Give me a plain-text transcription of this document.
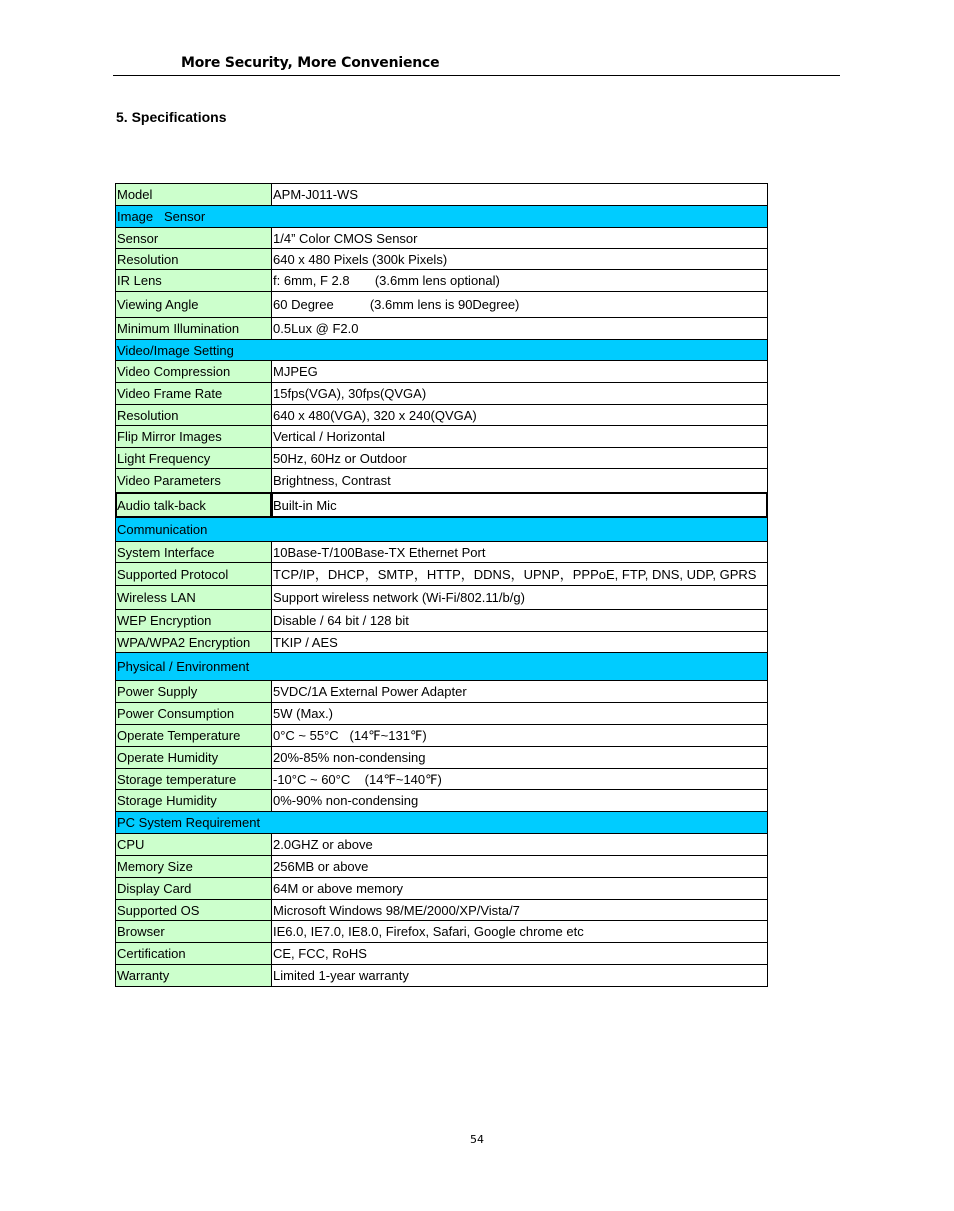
More Security, More Convenience
5. Specifications
Model	APM-J011-WS
Image   Sensor	
Sensor	1/4” Color CMOS Sensor
Resolution	640 x 480 Pixels (300k Pixels)
IR Lens	f: 6mm, F 2.8       (3.6mm lens optional)
Viewing Angle	60 Degree          (3.6mm lens is 90Degree)
Minimum Illumination	0.5Lux @ F2.0
Video/Image Setting	
Video Compression	MJPEG
Video Frame Rate	15fps(VGA), 30fps(QVGA)
Resolution	640 x 480(VGA), 320 x 240(QVGA)
Flip Mirror Images	Vertical / Horizontal
Light Frequency	50Hz, 60Hz or Outdoor
Video Parameters	Brightness, Contrast
Audio talk-back	Built-in Mic
Communication	
System Interface	10Base-T/100Base-TX Ethernet Port
Supported Protocol	TCP/IP，DHCP，SMTP，HTTP，DDNS，UPNP，PPPoE, FTP, DNS, UDP, GPRS
Wireless LAN	Support wireless network (Wi-Fi/802.11/b/g)
WEP Encryption	Disable / 64 bit / 128 bit
WPA/WPA2 Encryption	TKIP / AES
Physical / Environment	
Power Supply	5VDC/1A External Power Adapter
Power Consumption	5W (Max.)
Operate Temperature	0°C ~ 55°C   (14℉~131℉)
Operate Humidity	20%-85% non-condensing
Storage temperature	-10°C ~ 60°C    (14℉~140℉)
Storage Humidity	0%-90% non-condensing
PC System Requirement	
CPU	2.0GHZ or above
Memory Size	256MB or above
Display Card	64M or above memory
Supported OS	Microsoft Windows 98/ME/2000/XP/Vista/7
Browser	IE6.0, IE7.0, IE8.0, Firefox, Safari, Google chrome etc
Certification	CE, FCC, RoHS
Warranty	Limited 1-year warranty
54
